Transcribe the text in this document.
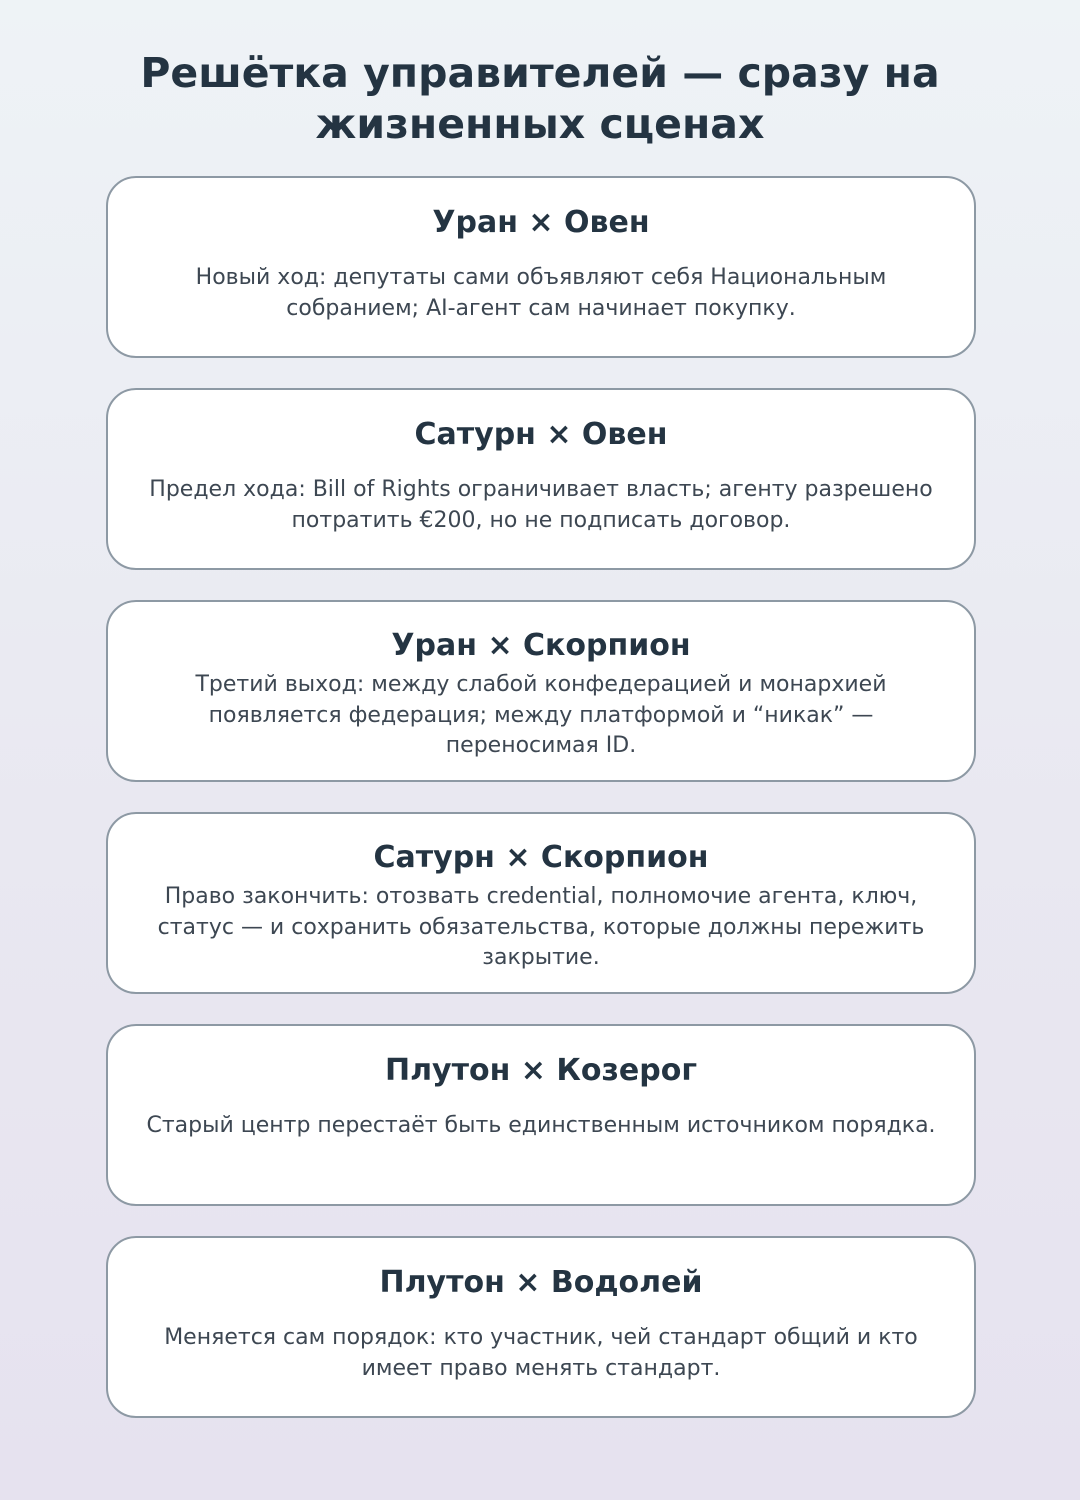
Решётка управителей — сразу на жизненных сценах
Уран × Овен

Новый ход: депутаты сами объявляют себя Национальным собранием; AI-агент сам начинает покупку.

Сатурн × Овен

Предел хода: Bill of Rights ограничивает власть; агенту разрешено потратить €200, но не подписать договор.

Уран × Скорпион

Третий выход: между слабой конфедерацией и монархией появляется федерация; между платформой и “никак” — переносимая ID.

Сатурн × Скорпион

Право закончить: отозвать credential, полномочие агента, ключ, статус — и сохранить обязательства, которые должны пережить закрытие.

Плутон × Козерог

Старый центр перестаёт быть единственным источником порядка.

Плутон × Водолей

Меняется сам порядок: кто участник, чей стандарт общий и кто имеет право менять стандарт.
